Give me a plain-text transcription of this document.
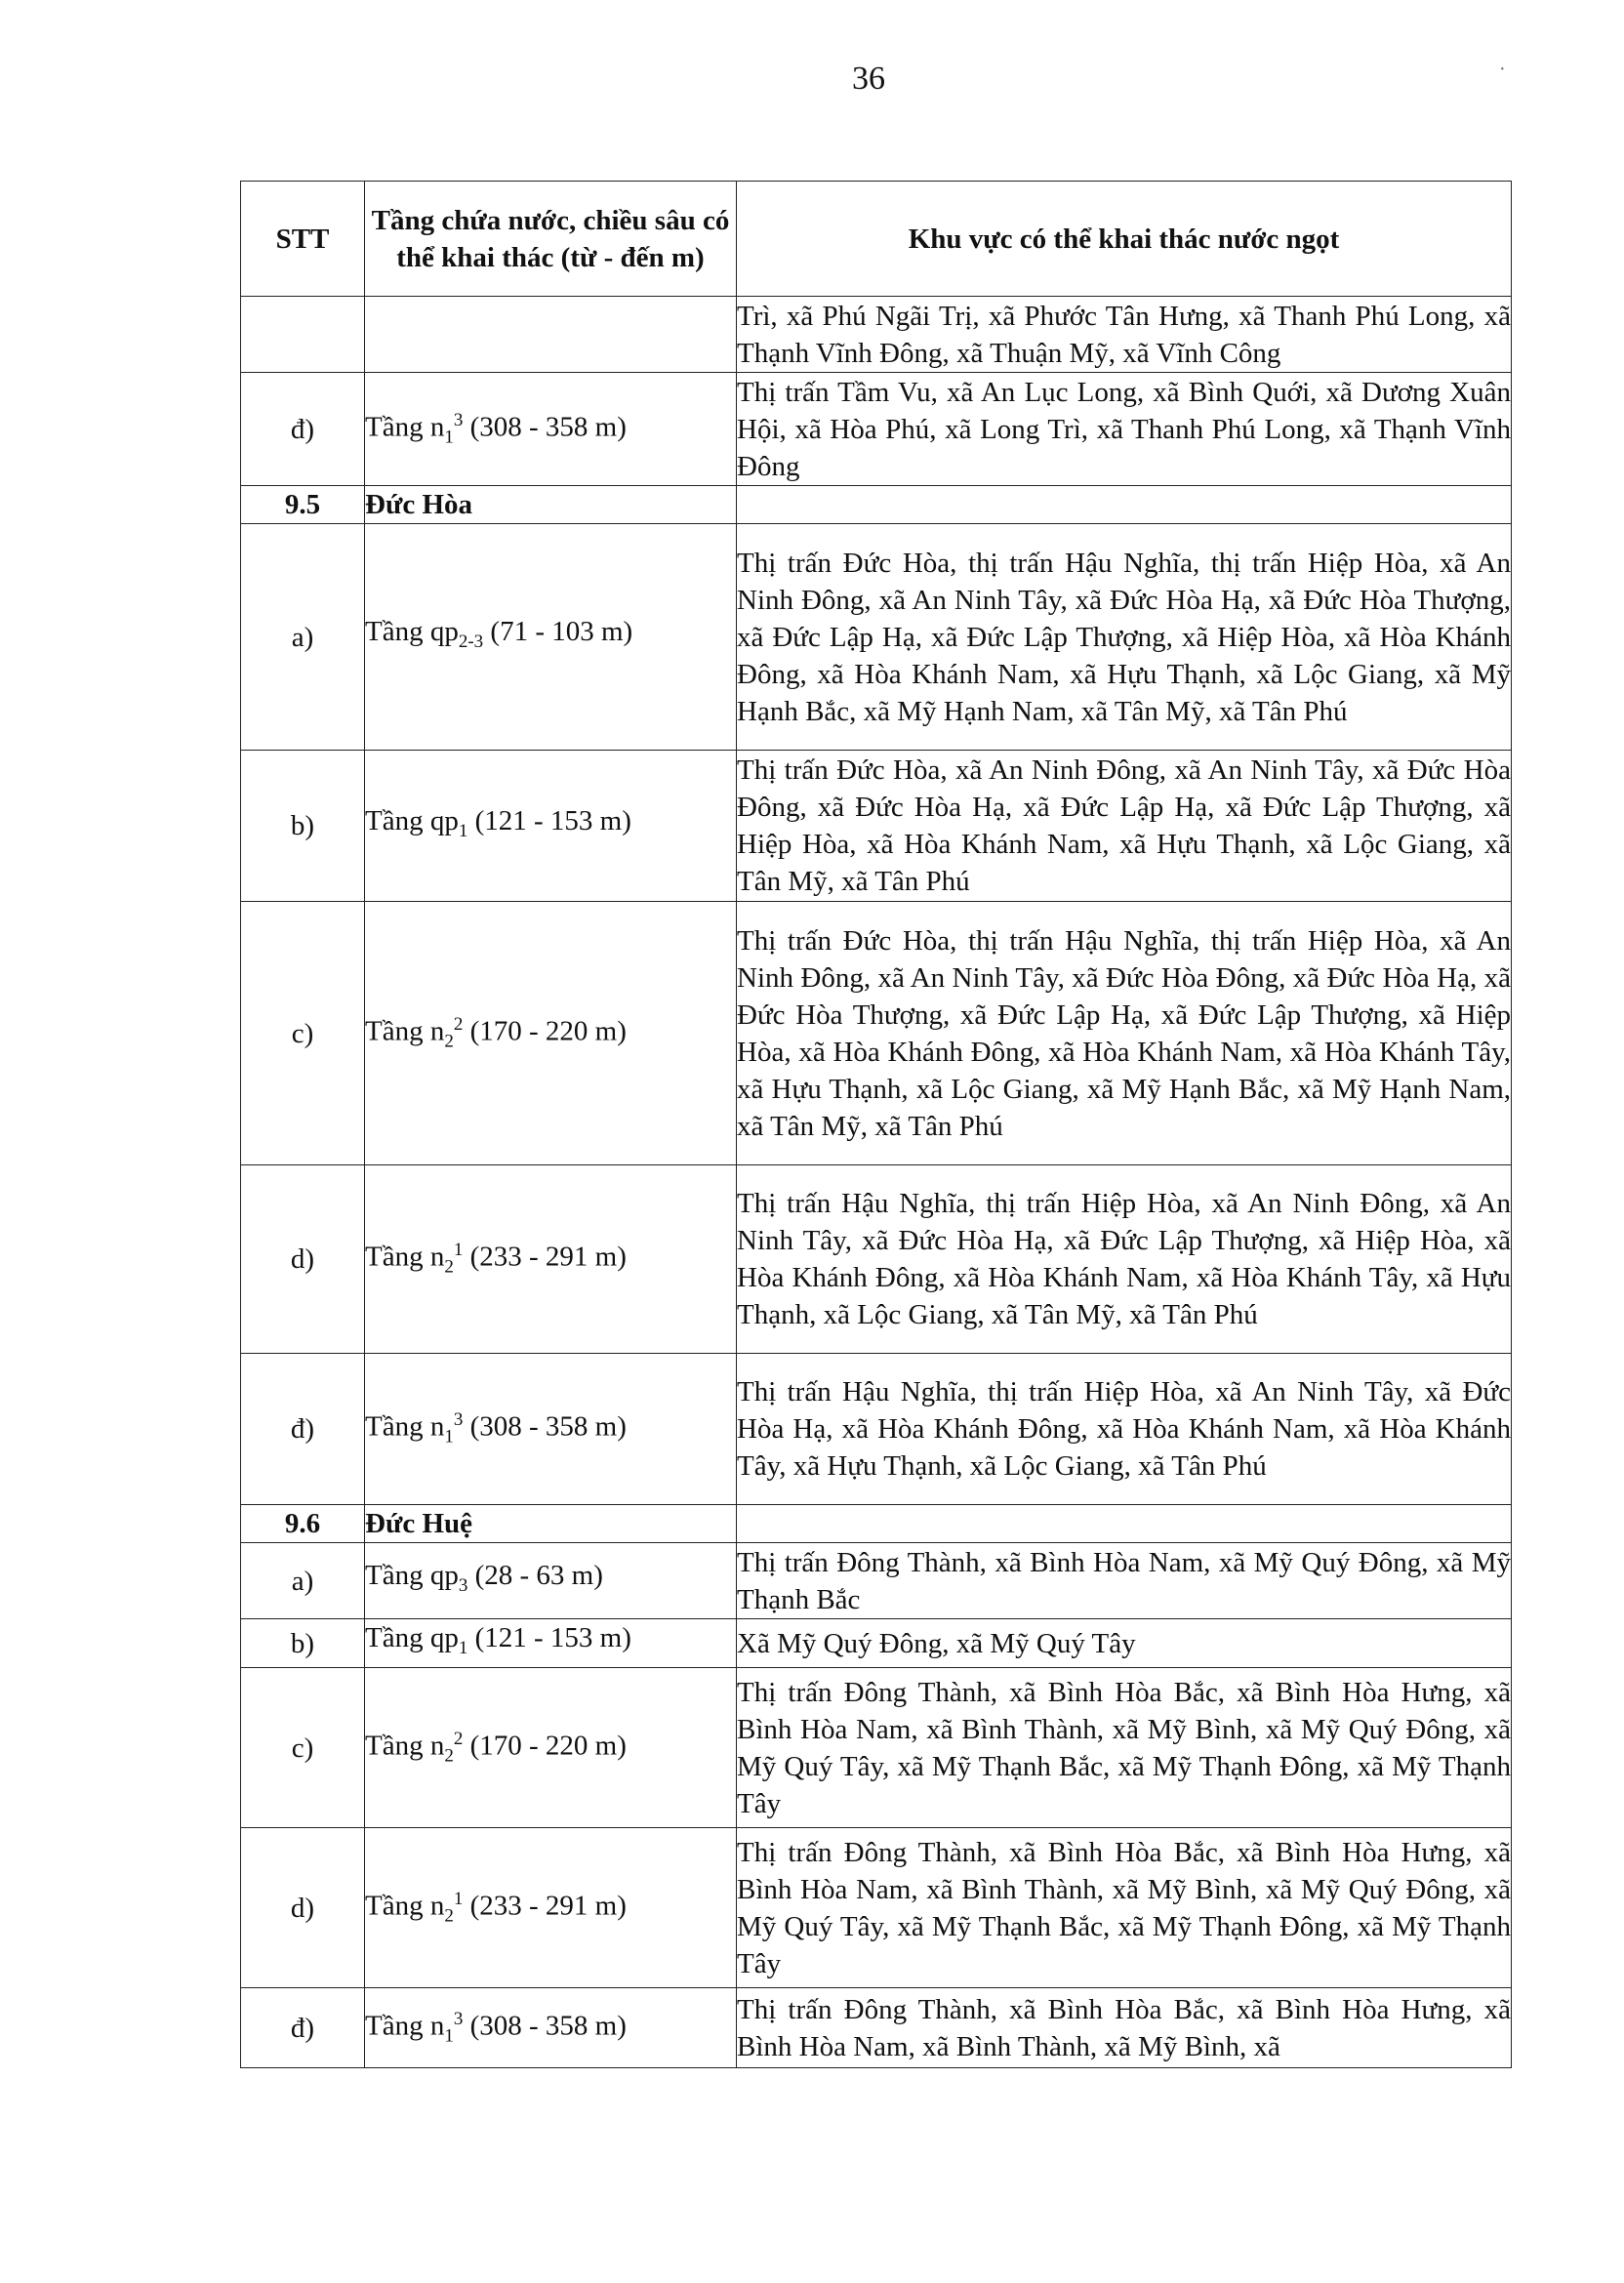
36
STT	Tầng chứa nước, chiều sâu có thể khai thác (từ - đến m)	Khu vực có thể khai thác nước ngọt
		Trì, xã Phú Ngãi Trị, xã Phước Tân Hưng, xã Thanh Phú Long, xã Thạnh Vĩnh Đông, xã Thuận Mỹ, xã Vĩnh Công
đ)	Tầng $n_1^3$ (308 - 358 m)	Thị trấn Tầm Vu, xã An Lục Long, xã Bình Quới, xã Dương Xuân Hội, xã Hòa Phú, xã Long Trì, xã Thanh Phú Long, xã Thạnh Vĩnh Đông
9.5	Đức Hòa	
a)	Tầng $qp_{2-3}$ (71 - 103 m)	Thị trấn Đức Hòa, thị trấn Hậu Nghĩa, thị trấn Hiệp Hòa, xã An Ninh Đông, xã An Ninh Tây, xã Đức Hòa Hạ, xã Đức Hòa Thượng, xã Đức Lập Hạ, xã Đức Lập Thượng, xã Hiệp Hòa, xã Hòa Khánh Đông, xã Hòa Khánh Nam, xã Hựu Thạnh, xã Lộc Giang, xã Mỹ Hạnh Bắc, xã Mỹ Hạnh Nam, xã Tân Mỹ, xã Tân Phú
b)	Tầng $qp_1$ (121 - 153 m)	Thị trấn Đức Hòa, xã An Ninh Đông, xã An Ninh Tây, xã Đức Hòa Đông, xã Đức Hòa Hạ, xã Đức Lập Hạ, xã Đức Lập Thượng, xã Hiệp Hòa, xã Hòa Khánh Nam, xã Hựu Thạnh, xã Lộc Giang, xã Tân Mỹ, xã Tân Phú
c)	Tầng $n_2^2$ (170 - 220 m)	Thị trấn Đức Hòa, thị trấn Hậu Nghĩa, thị trấn Hiệp Hòa, xã An Ninh Đông, xã An Ninh Tây, xã Đức Hòa Đông, xã Đức Hòa Hạ, xã Đức Hòa Thượng, xã Đức Lập Hạ, xã Đức Lập Thượng, xã Hiệp Hòa, xã Hòa Khánh Đông, xã Hòa Khánh Nam, xã Hòa Khánh Tây, xã Hựu Thạnh, xã Lộc Giang, xã Mỹ Hạnh Bắc, xã Mỹ Hạnh Nam, xã Tân Mỹ, xã Tân Phú
d)	Tầng $n_2^1$ (233 - 291 m)	Thị trấn Hậu Nghĩa, thị trấn Hiệp Hòa, xã An Ninh Đông, xã An Ninh Tây, xã Đức Hòa Hạ, xã Đức Lập Thượng, xã Hiệp Hòa, xã Hòa Khánh Đông, xã Hòa Khánh Nam, xã Hòa Khánh Tây, xã Hựu Thạnh, xã Lộc Giang, xã Tân Mỹ, xã Tân Phú
đ)	Tầng $n_1^3$ (308 - 358 m)	Thị trấn Hậu Nghĩa, thị trấn Hiệp Hòa, xã An Ninh Tây, xã Đức Hòa Hạ, xã Hòa Khánh Đông, xã Hòa Khánh Nam, xã Hòa Khánh Tây, xã Hựu Thạnh, xã Lộc Giang, xã Tân Phú
9.6	Đức Huệ	
a)	Tầng $qp_3$ (28 - 63 m)	Thị trấn Đông Thành, xã Bình Hòa Nam, xã Mỹ Quý Đông, xã Mỹ Thạnh Bắc
b)	Tầng $qp_1$ (121 - 153 m)	Xã Mỹ Quý Đông, xã Mỹ Quý Tây
c)	Tầng $n_2^2$ (170 - 220 m)	Thị trấn Đông Thành, xã Bình Hòa Bắc, xã Bình Hòa Hưng, xã Bình Hòa Nam, xã Bình Thành, xã Mỹ Bình, xã Mỹ Quý Đông, xã Mỹ Quý Tây, xã Mỹ Thạnh Bắc, xã Mỹ Thạnh Đông, xã Mỹ Thạnh Tây
d)	Tầng $n_2^1$ (233 - 291 m)	Thị trấn Đông Thành, xã Bình Hòa Bắc, xã Bình Hòa Hưng, xã Bình Hòa Nam, xã Bình Thành, xã Mỹ Bình, xã Mỹ Quý Đông, xã Mỹ Quý Tây, xã Mỹ Thạnh Bắc, xã Mỹ Thạnh Đông, xã Mỹ Thạnh Tây
đ)	Tầng $n_1^3$ (308 - 358 m)	Thị trấn Đông Thành, xã Bình Hòa Bắc, xã Bình Hòa Hưng, xã Bình Hòa Nam, xã Bình Thành, xã Mỹ Bình, xã
·
